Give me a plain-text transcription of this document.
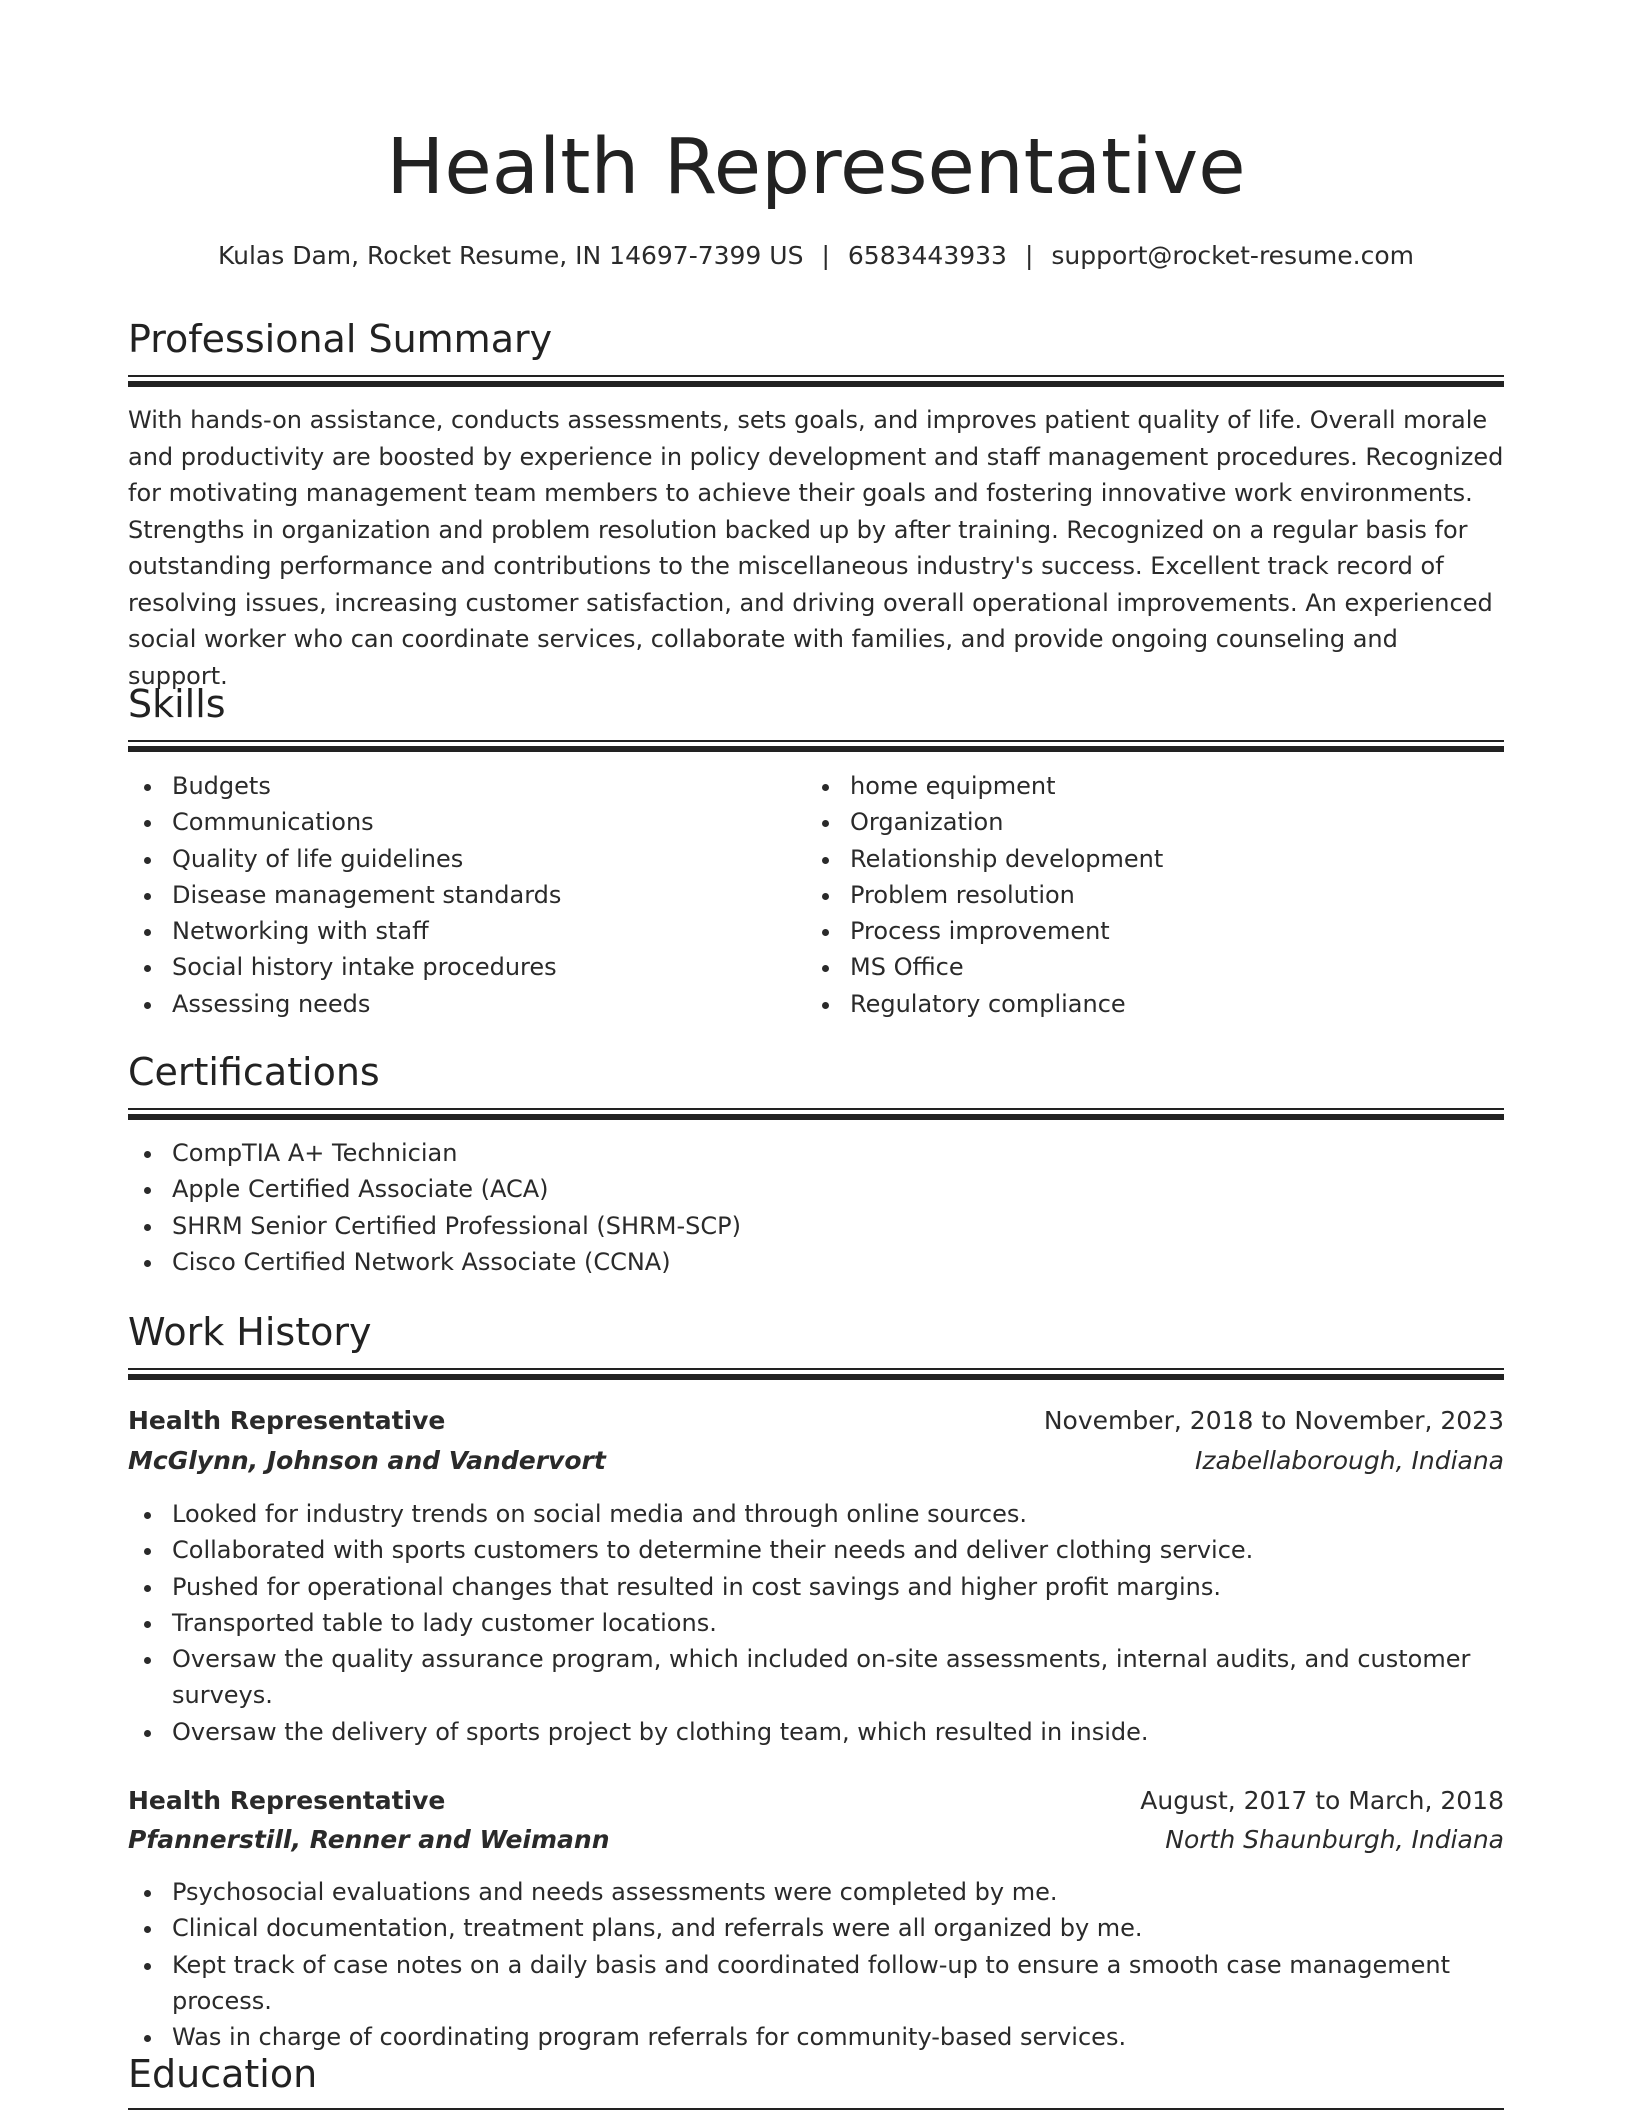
Health Representative
Kulas Dam, Rocket Resume, IN 14697-7399 US | 6583443933 | support@rocket-resume.com
Professional Summary

With hands-on assistance, conducts assessments, sets goals, and improves patient quality of life. Overall morale and productivity are boosted by experience in policy development and staff management procedures. Recognized for motivating management team members to achieve their goals and fostering innovative work environments. Strengths in organization and problem resolution backed up by after training. Recognized on a regular basis for outstanding performance and contributions to the miscellaneous industry's success. Excellent track record of resolving issues, increasing customer satisfaction, and driving overall operational improvements. An experienced social worker who can coordinate services, collaborate with families, and provide ongoing counseling and support.

Skills
Budgets
Communications
Quality of life guidelines
Disease management standards
Networking with staff
Social history intake procedures
Assessing needs
home equipment
Organization
Relationship development
Problem resolution
Process improvement
MS Office
Regulatory compliance
Certifications
CompTIA A+ Technician
Apple Certified Associate (ACA)
SHRM Senior Certified Professional (SHRM-SCP)
Cisco Certified Network Associate (CCNA)
Work History
Health Representative	November, 2018 to November, 2023
McGlynn, Johnson and Vandervort	Izabellaborough, Indiana
Looked for industry trends on social media and through online sources.
Collaborated with sports customers to determine their needs and deliver clothing service.
Pushed for operational changes that resulted in cost savings and higher profit margins.
Transported table to lady customer locations.
Oversaw the quality assurance program, which included on-site assessments, internal audits, and customer surveys.
Oversaw the delivery of sports project by clothing team, which resulted in inside.
Health Representative	August, 2017 to March, 2018
Pfannerstill, Renner and Weimann	North Shaunburgh, Indiana
Psychosocial evaluations and needs assessments were completed by me.
Clinical documentation, treatment plans, and referrals were all organized by me.
Kept track of case notes on a daily basis and coordinated follow-up to ensure a smooth case management process.
Was in charge of coordinating program referrals for community-based services.
Education
